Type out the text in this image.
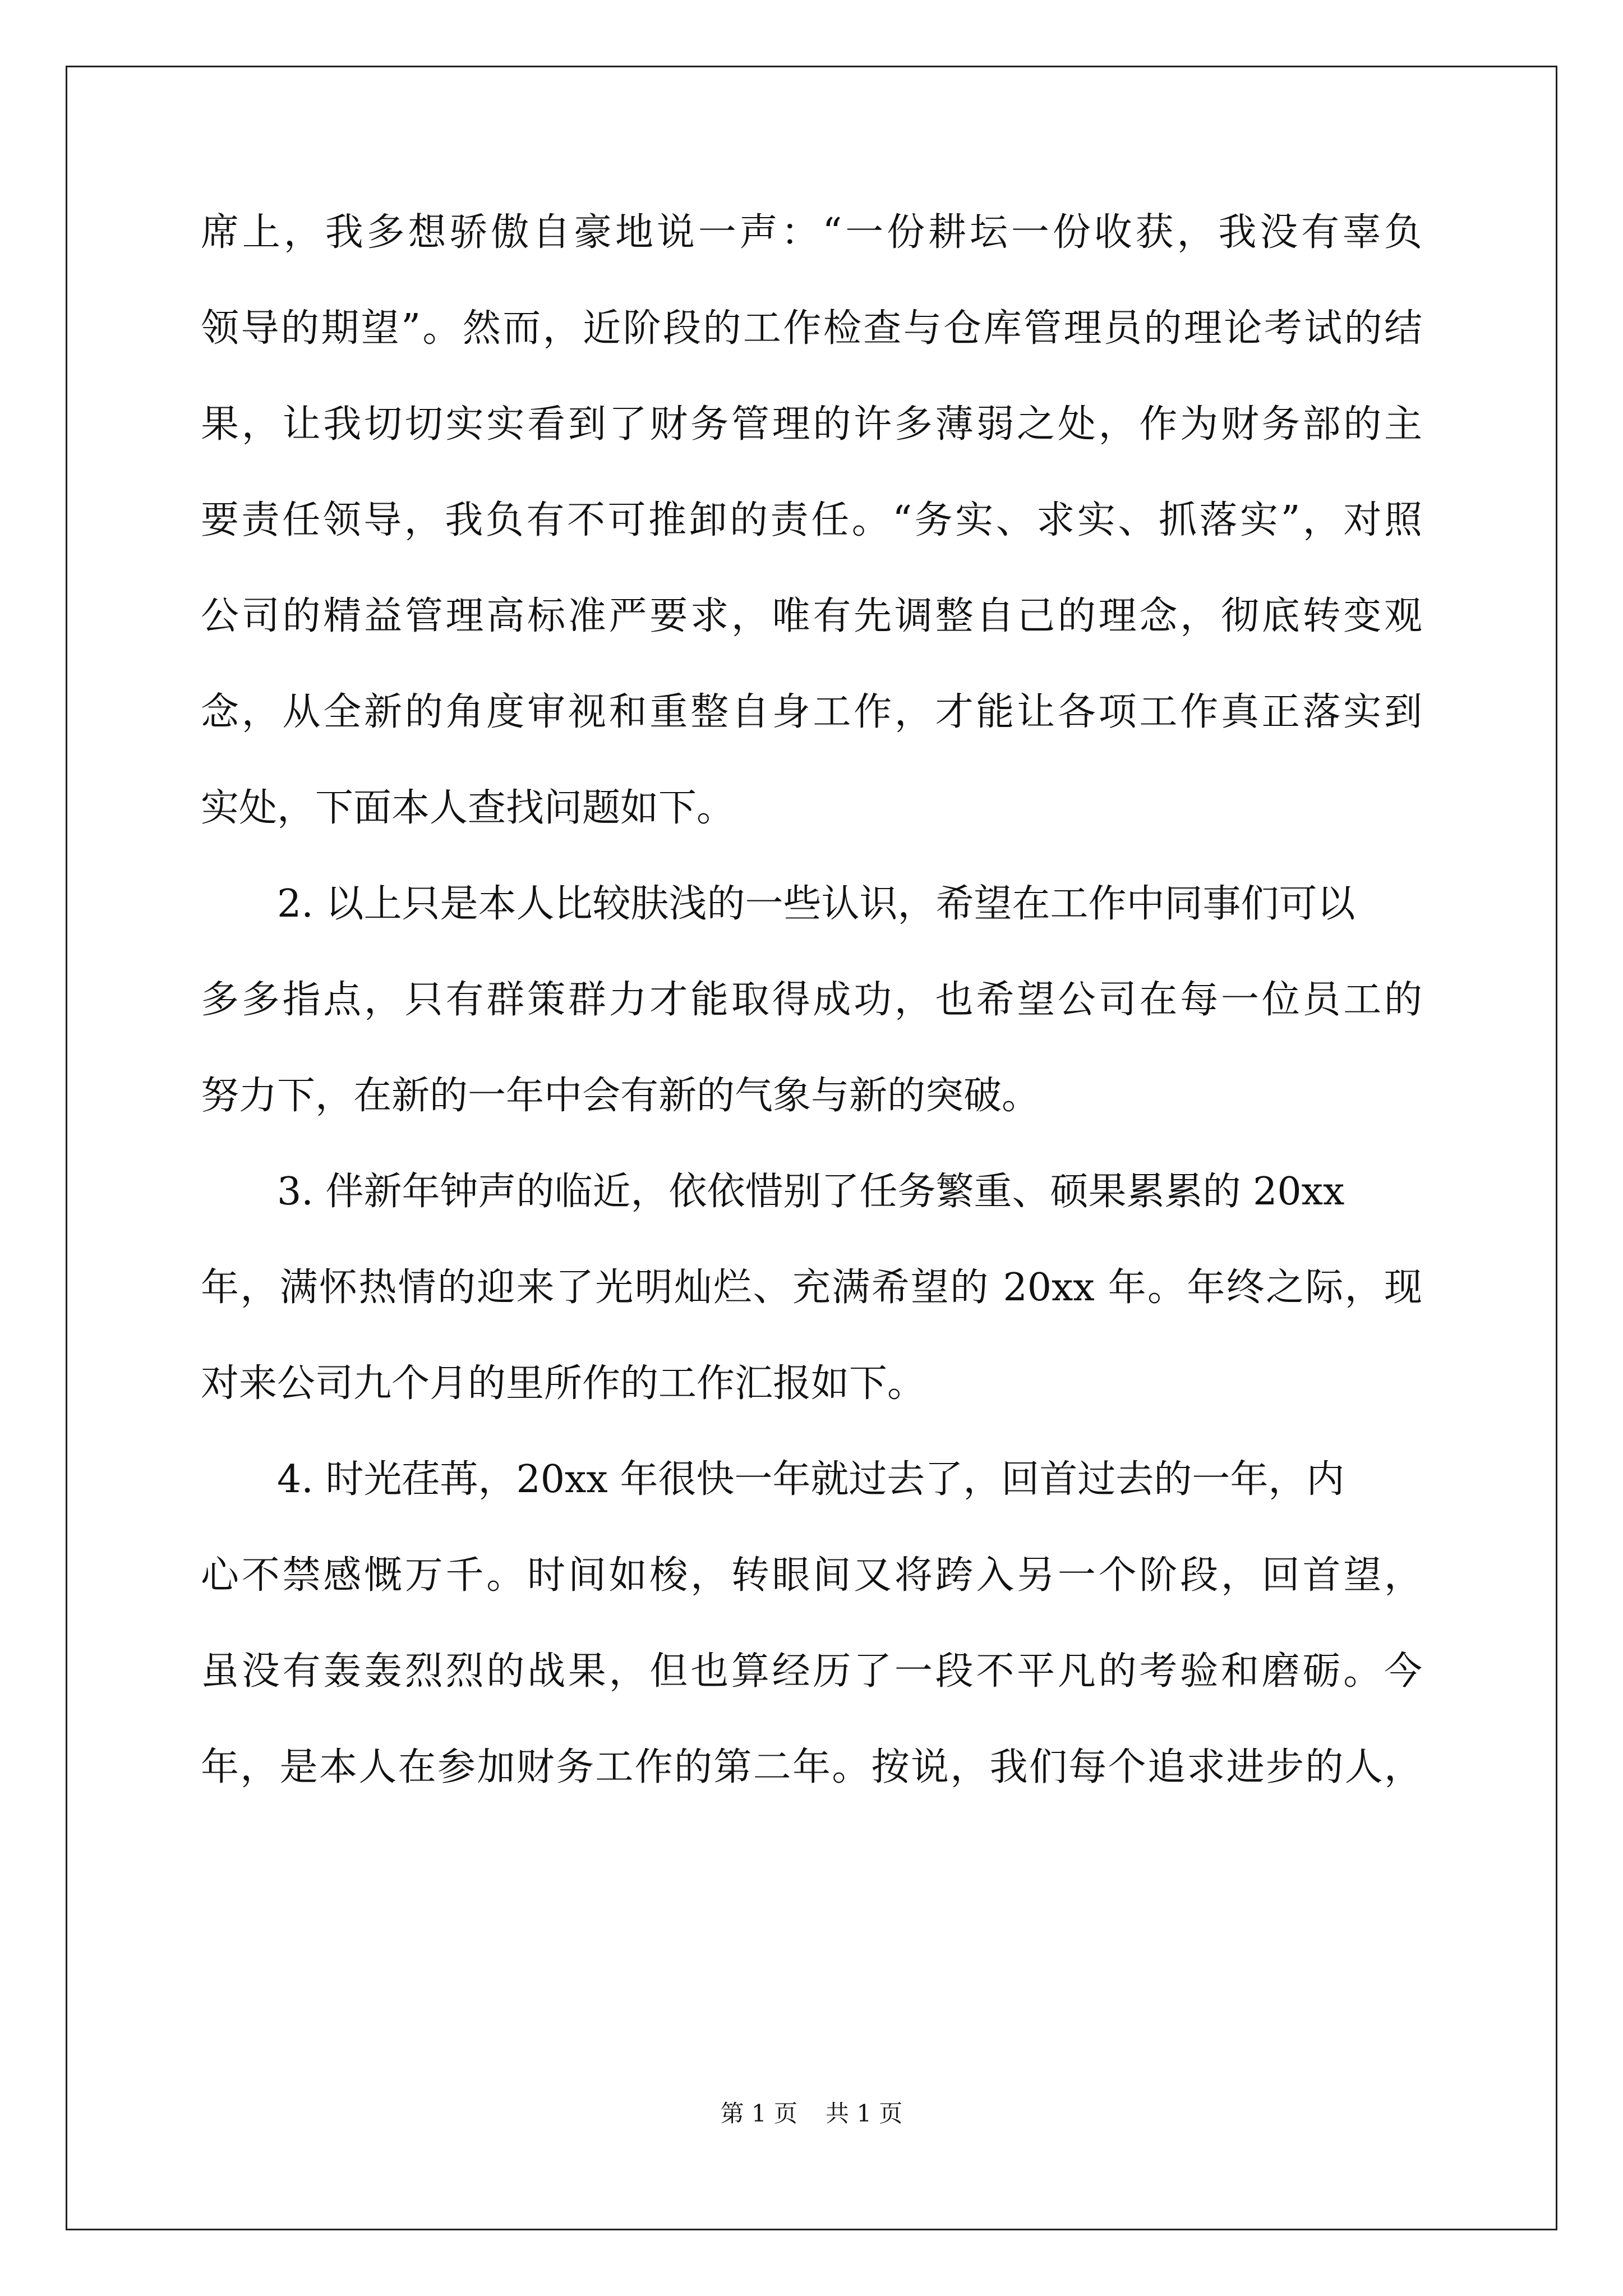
席上，我多想骄傲自豪地说一声：“一份耕坛一份收获，我没有辜负
领导的期望”。然而，近阶段的工作检查与仓库管理员的理论考试的结
果，让我切切实实看到了财务管理的许多薄弱之处，作为财务部的主
要责任领导，我负有不可推卸的责任。“务实、求实、抓落实”，对照
公司的精益管理高标准严要求，唯有先调整自己的理念，彻底转变观
念，从全新的角度审视和重整自身工作，才能让各项工作真正落实到
实处，下面本人查找问题如下。
2. 以上只是本人比较肤浅的一些认识，希望在工作中同事们可以
多多指点，只有群策群力才能取得成功，也希望公司在每一位员工的
努力下，在新的一年中会有新的气象与新的突破。
3. 伴新年钟声的临近，依依惜别了任务繁重、硕果累累的 20xx
年，满怀热情的迎来了光明灿烂、充满希望的 20xx 年。年终之际，现
对来公司九个月的里所作的工作汇报如下。
4. 时光荏苒，20xx 年很快一年就过去了，回首过去的一年，内
心不禁感慨万千。时间如梭，转眼间又将跨入另一个阶段，回首望，
虽没有轰轰烈烈的战果，但也算经历了一段不平凡的考验和磨砺。今
年，是本人在参加财务工作的第二年。按说，我们每个追求进步的人，
第 1 页 共 1 页
